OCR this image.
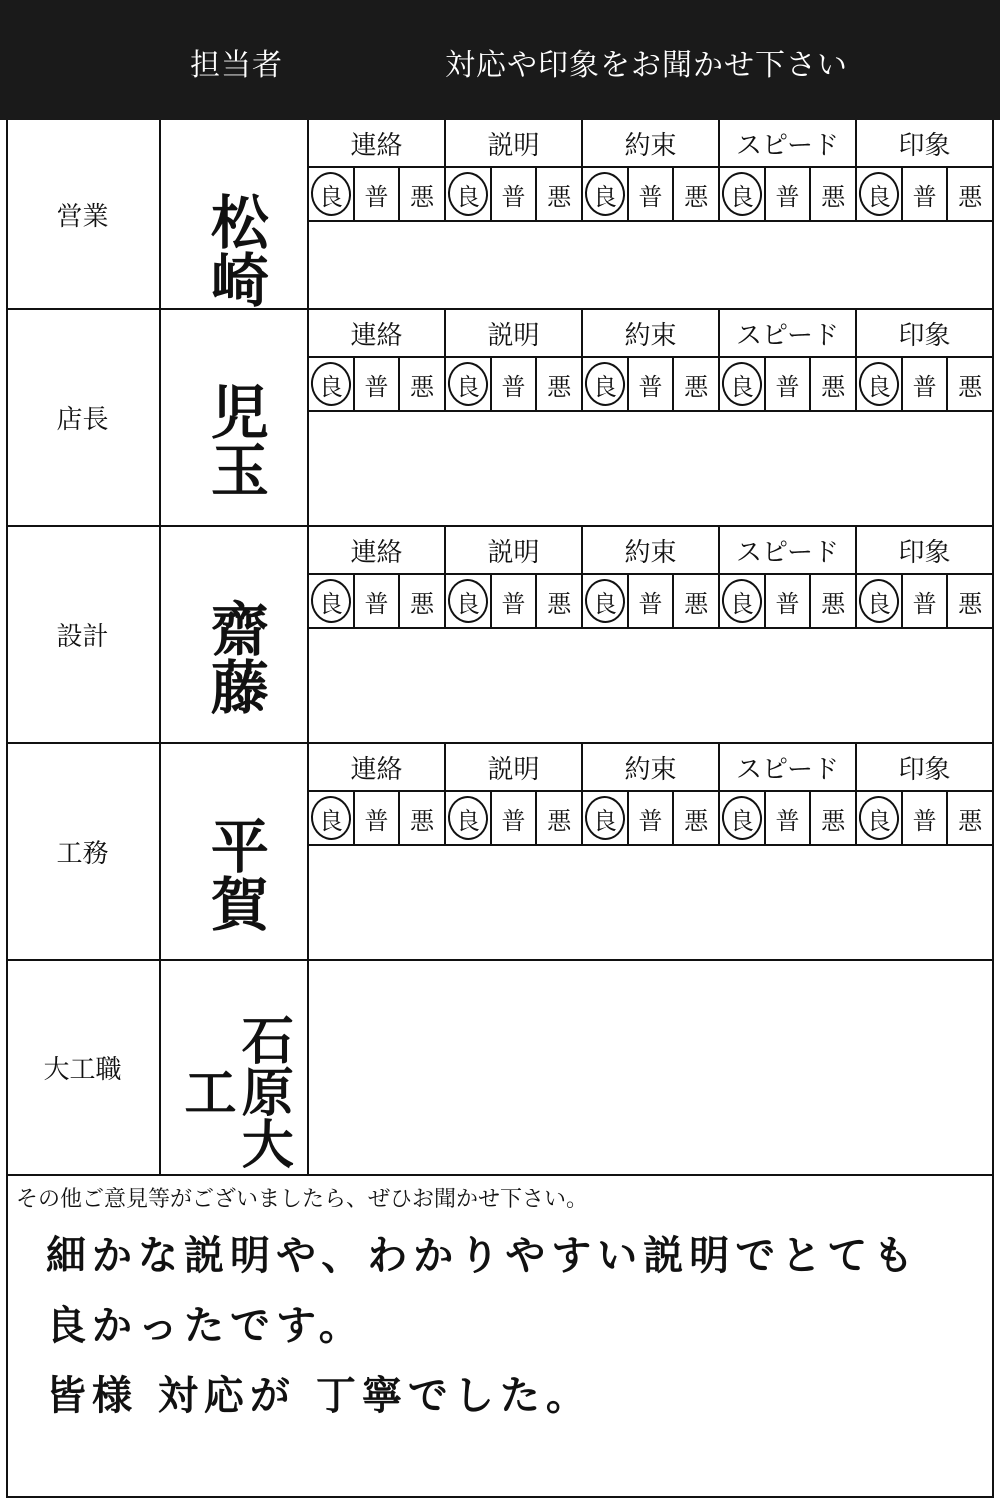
担当者	対応や印象をお聞かせ下さい
営業	松崎
連絡	説明	約束	スピード	印象
良 普 悪 良 普 悪 良 普 悪 良 普 悪 良 普 悪
店長	児玉
連絡	説明	約束	スピード	印象
良 普 悪 良 普 悪 良 普 悪 良 普 悪 良 普 悪
設計	齋藤
連絡	説明	約束	スピード	印象
良 普 悪 良 普 悪 良 普 悪 良 普 悪 良 普 悪
工務	平賀
連絡	説明	約束	スピード	印象
良 普 悪 良 普 悪 良 普 悪 良 普 悪 良 普 悪
大工職	石原大工
その他ご意見等がございましたら、ぜひお聞かせ下さい。
細かな説明や、わかりやすい説明でとても
良かったです。
皆様 対応が 丁寧でした。
